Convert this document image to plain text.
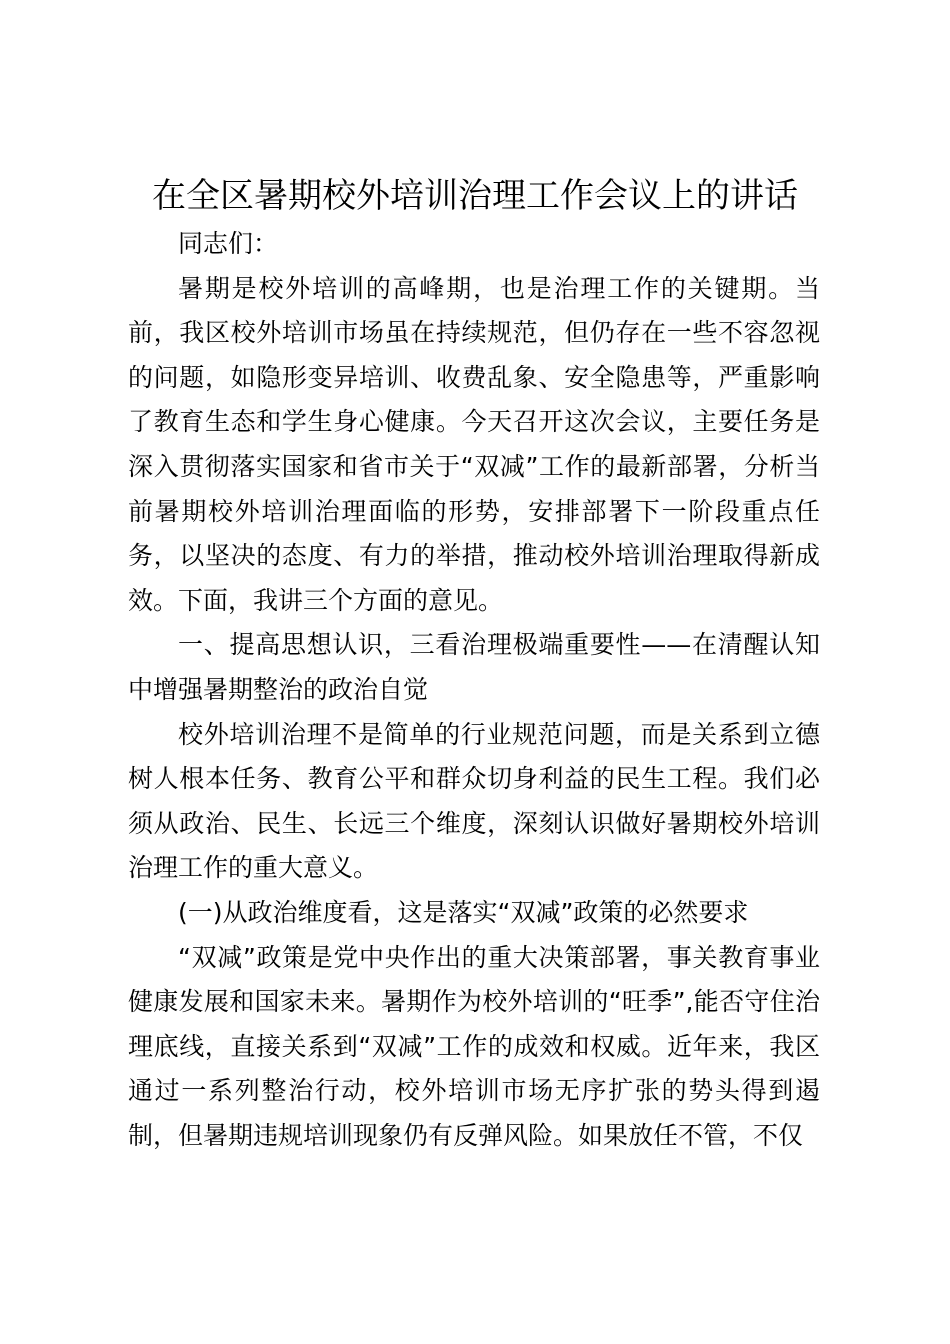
在全区暑期校外培训治理工作会议上的讲话

同志们：

暑期是校外培训的高峰期，也是治理工作的关键期。当前，我区校外培训市场虽在持续规范，但仍存在一些不容忽视的问题，如隐形变异培训、收费乱象、安全隐患等，严重影响了教育生态和学生身心健康。今天召开这次会议，主要任务是深入贯彻落实国家和省市关于“双减”工作的最新部署，分析当前暑期校外培训治理面临的形势，安排部署下一阶段重点任务，以坚决的态度、有力的举措，推动校外培训治理取得新成效。下面，我讲三个方面的意见。

一、提高思想认识，三看治理极端重要性——在清醒认知中增强暑期整治的政治自觉

校外培训治理不是简单的行业规范问题，而是关系到立德树人根本任务、教育公平和群众切身利益的民生工程。我们必须从政治、民生、长远三个维度，深刻认识做好暑期校外培训治理工作的重大意义。

(一)从政治维度看，这是落实“双减”政策的必然要求

“双减”政策是党中央作出的重大决策部署，事关教育事业健康发展和国家未来。暑期作为校外培训的“旺季”,能否守住治理底线，直接关系到“双减”工作的成效和权威。近年来，我区通过一系列整治行动，校外培训市场无序扩张的势头得到遏制，但暑期违规培训现象仍有反弹风险。如果放任不管，不仅
